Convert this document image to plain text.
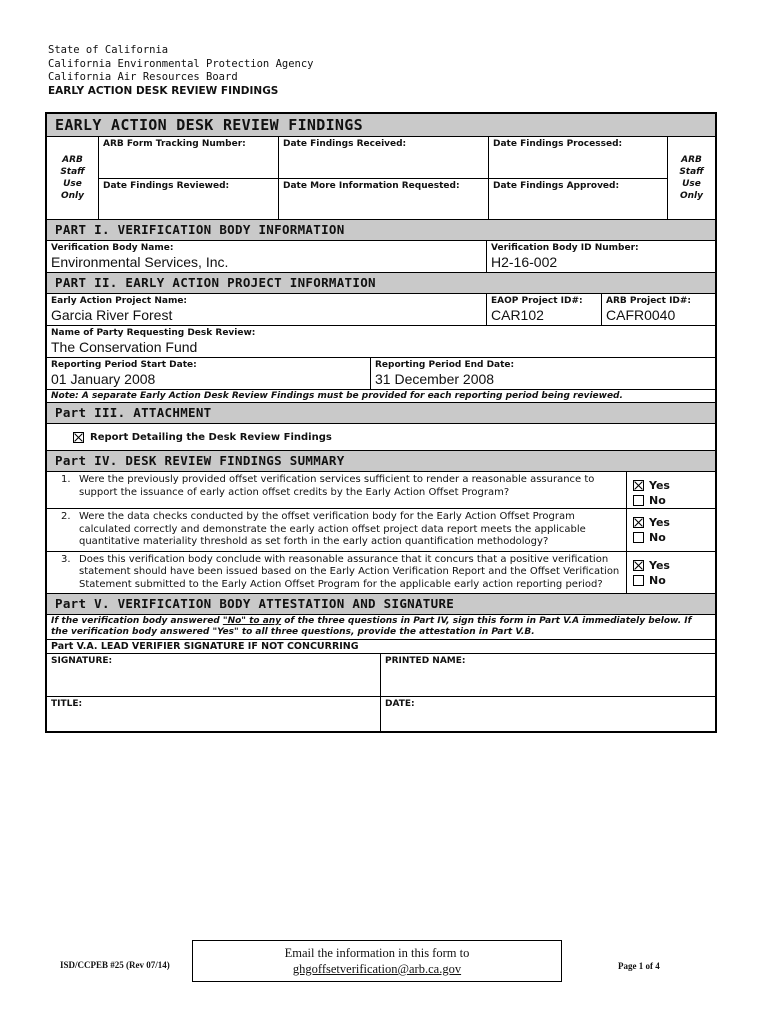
State of California
California Environmental Protection Agency
California Air Resources Board
EARLY ACTION DESK REVIEW FINDINGS
EARLY ACTION DESK REVIEW FINDINGS
ARB Staff Use Only
ARB Form Tracking Number:	Date Findings Received:	Date Findings Processed:
Date Findings Reviewed:	Date More Information Requested:	Date Findings Approved:
ARB Staff Use Only
PART I. VERIFICATION BODY INFORMATION
Verification Body Name:
Environmental Services, Inc.
Verification Body ID Number:
H2-16-002
PART II. EARLY ACTION PROJECT INFORMATION
Early Action Project Name:
Garcia River Forest
EAOP Project ID#:
CAR102
ARB Project ID#:
CAFR0040
Name of Party Requesting Desk Review:
The Conservation Fund
Reporting Period Start Date:
01 January 2008
Reporting Period End Date:
31 December 2008
Note: A separate Early Action Desk Review Findings must be provided for each reporting period being reviewed.
Part III. ATTACHMENT
Report Detailing the Desk Review Findings
Part IV. DESK REVIEW FINDINGS SUMMARY
1. Were the previously provided offset verification services sufficient to render a reasonable assurance to support the issuance of early action offset credits by the Early Action Offset Program?	Yes
No
2. Were the data checks conducted by the offset verification body for the Early Action Offset Program calculated correctly and demonstrate the early action offset project data report meets the applicable quantitative materiality threshold as set forth in the early action quantification methodology?
Yes
No
3. Does this verification body conclude with reasonable assurance that it concurs that a positive verification statement should have been issued based on the Early Action Verification Report and the Offset Verification Statement submitted to the Early Action Offset Program for the applicable early action reporting period?
Yes
No
Part V. VERIFICATION BODY ATTESTATION AND SIGNATURE
If the verification body answered "No" to any of the three questions in Part IV, sign this form in Part V.A immediately below. If the verification body answered "Yes" to all three questions, provide the attestation in Part V.B.
Part V.A. LEAD VERIFIER SIGNATURE IF NOT CONCURRING
SIGNATURE:	PRINTED NAME:
TITLE:	DATE:
ISD/CCPEB #25 (Rev 07/14)
Email the information in this form to
ghgoffsetverification@arb.ca.gov	Page 1 of 4
